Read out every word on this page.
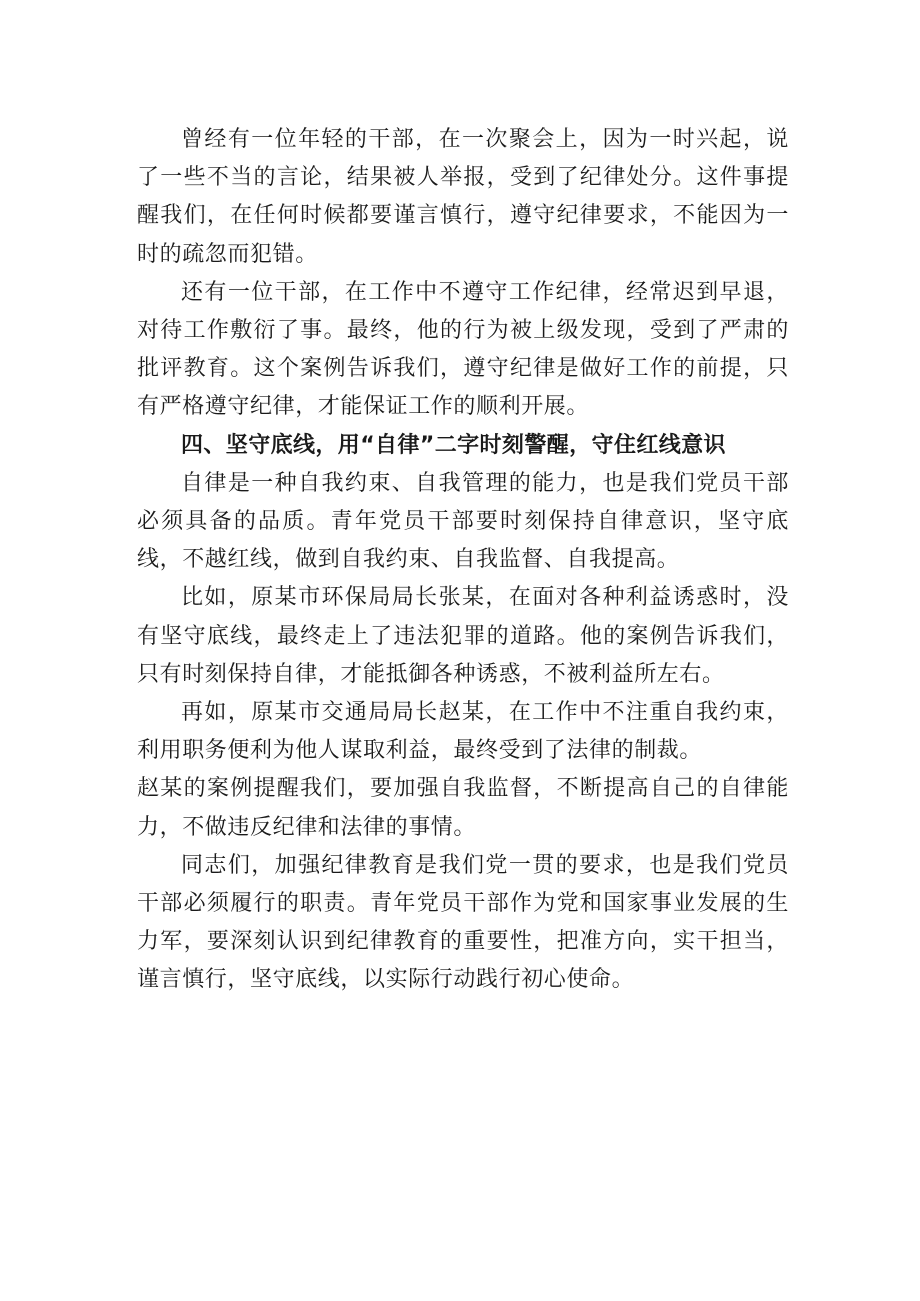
曾经有一位年轻的干部，在一次聚会上，因为一时兴起，说了一些不当的言论，结果被人举报，受到了纪律处分。这件事提醒我们，在任何时候都要谨言慎行，遵守纪律要求，不能因为一时的疏忽而犯错。

还有一位干部，在工作中不遵守工作纪律，经常迟到早退，对待工作敷衍了事。最终，他的行为被上级发现，受到了严肃的批评教育。这个案例告诉我们，遵守纪律是做好工作的前提，只有严格遵守纪律，才能保证工作的顺利开展。

四、坚守底线，用“自律”二字时刻警醒，守住红线意识

自律是一种自我约束、自我管理的能力，也是我们党员干部必须具备的品质。青年党员干部要时刻保持自律意识，坚守底线，不越红线，做到自我约束、自我监督、自我提高。

比如，原某市环保局局长张某，在面对各种利益诱惑时，没有坚守底线，最终走上了违法犯罪的道路。他的案例告诉我们，只有时刻保持自律，才能抵御各种诱惑，不被利益所左右。

再如，原某市交通局局长赵某，在工作中不注重自我约束，利用职务便利为他人谋取利益，最终受到了法律的制裁。

赵某的案例提醒我们，要加强自我监督，不断提高自己的自律能力，不做违反纪律和法律的事情。

同志们，加强纪律教育是我们党一贯的要求，也是我们党员干部必须履行的职责。青年党员干部作为党和国家事业发展的生力军，要深刻认识到纪律教育的重要性，把准方向，实干担当，谨言慎行，坚守底线，以实际行动践行初心使命。
